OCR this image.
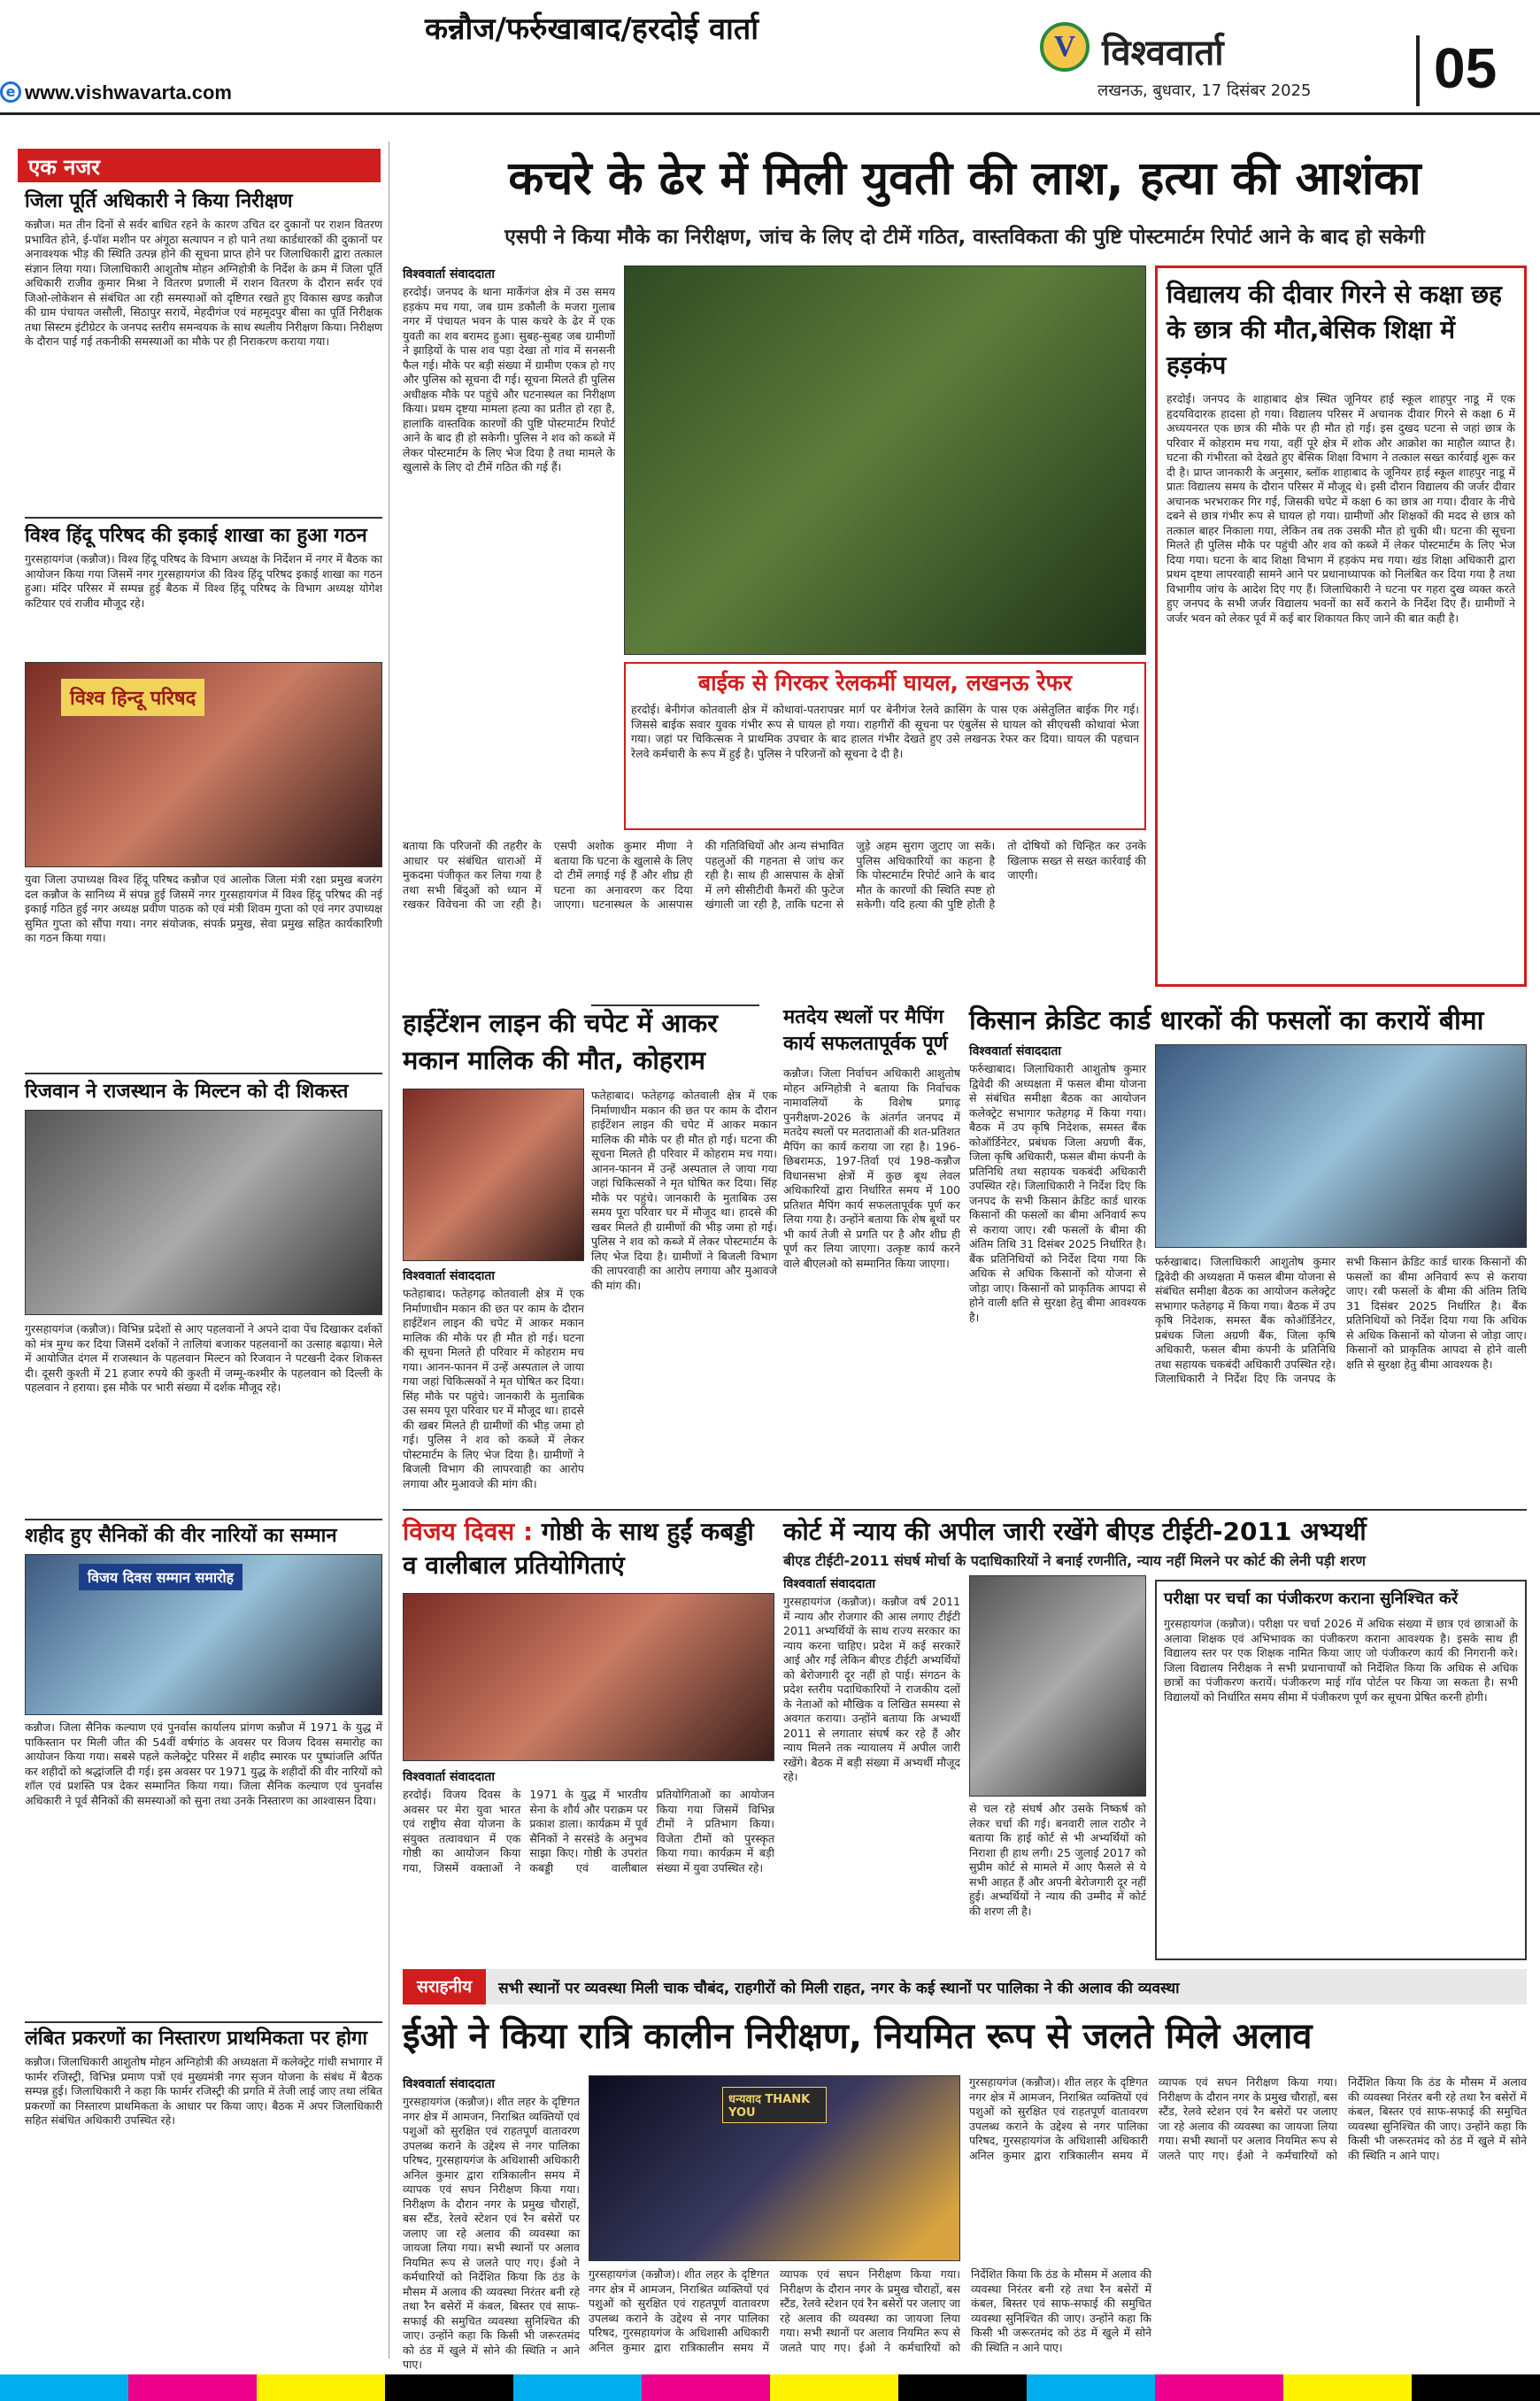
कन्नौज/फर्रुखाबाद/हरदोई वार्ता
e www.vishwavarta.com
V विश्ववार्ता
लखनऊ, बुधवार, 17 दिसंबर 2025 05
एक नजर
जिला पूर्ति अधिकारी ने किया निरीक्षण
कन्नौज। मत तीन दिनों से सर्वर बाधित रहने के कारण उचित दर दुकानों पर राशन वितरण प्रभावित होने, ई-पॉश मशीन पर अंगूठा सत्यापन न हो पाने तथा कार्डधारकों की दुकानों पर अनावश्यक भीड़ की स्थिति उत्पन्न होने की सूचना प्राप्त होने पर जिलाधिकारी द्वारा तत्काल संज्ञान लिया गया। जिलाधिकारी आशुतोष मोहन अग्निहोत्री के निर्देश के क्रम में जिला पूर्ति अधिकारी राजीव कुमार मिश्रा ने वितरण प्रणाली में राशन वितरण के दौरान सर्वर एवं जिओ-लोकेशन से संबंधित आ रही समस्याओं को दृष्टिगत रखते हुए विकास खण्ड कन्नौज की ग्राम पंचायत जसौली, सिठापुर सरायें, मेहदीगंज एवं महमूदपुर बीसा का पूर्ति निरीक्षक तथा सिस्टम इंटीग्रेटर के जनपद स्तरीय समन्वयक के साथ स्थलीय निरीक्षण किया। निरीक्षण के दौरान पाई गई तकनीकी समस्याओं का मौके पर ही निराकरण कराया गया।
विश्व हिंदू परिषद की इकाई शाखा का हुआ गठन
गुरसहायगंज (कन्नौज)। विश्व हिंदू परिषद के विभाग अध्यक्ष के निर्देशन में नगर में बैठक का आयोजन किया गया जिसमें नगर गुरसहायगंज की विश्व हिंदू परिषद इकाई शाखा का गठन हुआ। मंदिर परिसर में सम्पन्न हुई बैठक में विश्व हिंदू परिषद के विभाग अध्यक्ष योगेश कटियार एवं राजीव मौजूद रहे।
विश्व हिन्दू परिषद
युवा जिला उपाध्यक्ष विश्व हिंदू परिषद कन्नौज एवं आलोक जिला मंत्री रक्षा प्रमुख बजरंग दल कन्नौज के सानिध्य में संपन्न हुई जिसमें नगर गुरसहायगंज में विश्व हिंदू परिषद की नई इकाई गठित हुई नगर अध्यक्ष प्रवीण पाठक को एवं मंत्री शिवम गुप्ता को एवं नगर उपाध्यक्ष सुमित गुप्ता को सौंपा गया। नगर संयोजक, संपर्क प्रमुख, सेवा प्रमुख सहित कार्यकारिणी का गठन किया गया।
रिजवान ने राजस्थान के मिल्टन को दी शिकस्त
गुरसहायगंज (कन्नौज)। विभिन्न प्रदेशों से आए पहलवानों ने अपने दावा पेंच दिखाकर दर्शकों को मंत्र मुग्ध कर दिया जिसमें दर्शकों ने तालियां बजाकर पहलवानों का उत्साह बढ़ाया। मेले में आयोजित दंगल में राजस्थान के पहलवान मिल्टन को रिजवान ने पटखनी देकर शिकस्त दी। दूसरी कुश्ती में 21 हजार रुपये की कुश्ती में जम्मू-कश्मीर के पहलवान को दिल्ली के पहलवान ने हराया। इस मौके पर भारी संख्या में दर्शक मौजूद रहे।
शहीद हुए सैनिकों की वीर नारियों का सम्मान
विजय दिवस सम्मान समारोह
कन्नौज। जिला सैनिक कल्याण एवं पुनर्वास कार्यालय प्रांगण कन्नौज में 1971 के युद्ध में पाकिस्तान पर मिली जीत की 54वीं वर्षगांठ के अवसर पर विजय दिवस समारोह का आयोजन किया गया। सबसे पहले कलेक्ट्रेट परिसर में शहीद स्मारक पर पुष्पांजलि अर्पित कर शहीदों को श्रद्धांजलि दी गई। इस अवसर पर 1971 युद्ध के शहीदों की वीर नारियों को शॉल एवं प्रशस्ति पत्र देकर सम्मानित किया गया। जिला सैनिक कल्याण एवं पुनर्वास अधिकारी ने पूर्व सैनिकों की समस्याओं को सुना तथा उनके निस्तारण का आश्वासन दिया।
लंबित प्रकरणों का निस्तारण प्राथमिकता पर होगा
कन्नौज। जिलाधिकारी आशुतोष मोहन अग्निहोत्री की अध्यक्षता में कलेक्ट्रेट गांधी सभागार में फार्मर रजिस्ट्री, विभिन्न प्रमाण पत्रों एवं मुख्यमंत्री नगर सृजन योजना के संबंध में बैठक सम्पन्न हुई। जिलाधिकारी ने कहा कि फार्मर रजिस्ट्री की प्रगति में तेजी लाई जाए तथा लंबित प्रकरणों का निस्तारण प्राथमिकता के आधार पर किया जाए। बैठक में अपर जिलाधिकारी सहित संबंधित अधिकारी उपस्थित रहे।
कचरे के ढेर में मिली युवती की लाश, हत्या की आशंका
एसपी ने किया मौके का निरीक्षण, जांच के लिए दो टीमें गठित, वास्तविकता की पुष्टि पोस्टमार्टम रिपोर्ट आने के बाद हो सकेगी
विश्ववार्ता संवाददाता
हरदोई। जनपद के थाना मार्केगंज क्षेत्र में उस समय हड़कंप मच गया, जब ग्राम डकौली के मजरा गुलाब नगर में पंचायत भवन के पास कचरे के ढेर में एक युवती का शव बरामद हुआ। सुबह-सुबह जब ग्रामीणों ने झाड़ियों के पास शव पड़ा देखा तो गांव में सनसनी फैल गई। मौके पर बड़ी संख्या में ग्रामीण एकत्र हो गए और पुलिस को सूचना दी गई। सूचना मिलते ही पुलिस अधीक्षक मौके पर पहुंचे और घटनास्थल का निरीक्षण किया। प्रथम दृष्टया मामला हत्या का प्रतीत हो रहा है, हालांकि वास्तविक कारणों की पुष्टि पोस्टमार्टम रिपोर्ट आने के बाद ही हो सकेगी। पुलिस ने शव को कब्जे में लेकर पोस्टमार्टम के लिए भेज दिया है तथा मामले के खुलासे के लिए दो टीमें गठित की गई हैं।
बताया कि परिजनों की तहरीर के आधार पर संबंधित धाराओं में मुकदमा पंजीकृत कर लिया गया है तथा सभी बिंदुओं को ध्यान में रखकर विवेचना की जा रही है। एसपी अशोक कुमार मीणा ने बताया कि घटना के खुलासे के लिए दो टीमें लगाई गई हैं और शीघ्र ही घटना का अनावरण कर दिया जाएगा। घटनास्थल के आसपास की गतिविधियों और अन्य संभावित पहलुओं की गहनता से जांच कर रही है। साथ ही आसपास के क्षेत्रों में लगे सीसीटीवी कैमरों की फुटेज खंगाली जा रही है, ताकि घटना से जुड़े अहम सुराग जुटाए जा सकें। पुलिस अधिकारियों का कहना है कि पोस्टमार्टम रिपोर्ट आने के बाद मौत के कारणों की स्थिति स्पष्ट हो सकेगी। यदि हत्या की पुष्टि होती है तो दोषियों को चिन्हित कर उनके खिलाफ सख्त से सख्त कार्रवाई की जाएगी।
बाईक से गिरकर रेलकर्मी घायल, लखनऊ रेफर
हरदोई। बेनीगंज कोतवाली क्षेत्र में कोथावां-पतरापन्नर मार्ग पर बेनीगंज रेलवे क्रासिंग के पास एक अंसेतुलित बाईक गिर गई। जिससे बाईक सवार युवक गंभीर रूप से घायल हो गया। राहगीरों की सूचना पर एंबुलेंस से घायल को सीएचसी कोथावां भेजा गया। जहां पर चिकित्सक ने प्राथमिक उपचार के बाद हालत गंभीर देखते हुए उसे लखनऊ रेफर कर दिया। घायल की पहचान रेलवे कर्मचारी के रूप में हुई है। पुलिस ने परिजनों को सूचना दे दी है।
विद्यालय की दीवार गिरने से कक्षा छह के छात्र की मौत,बेसिक शिक्षा में हड़कंप
हरदोई। जनपद के शाहाबाद क्षेत्र स्थित जूनियर हाई स्कूल शाहपुर नाडू में एक हृदयविदारक हादसा हो गया। विद्यालय परिसर में अचानक दीवार गिरने से कक्षा 6 में अध्ययनरत एक छात्र की मौके पर ही मौत हो गई। इस दुखद घटना से जहां छात्र के परिवार में कोहराम मच गया, वहीं पूरे क्षेत्र में शोक और आक्रोश का माहौल व्याप्त है। घटना की गंभीरता को देखते हुए बेसिक शिक्षा विभाग ने तत्काल सख्त कार्रवाई शुरू कर दी है। प्राप्त जानकारी के अनुसार, ब्लॉक शाहाबाद के जूनियर हाई स्कूल शाहपुर नाडू में प्रातः विद्यालय समय के दौरान परिसर में मौजूद थे। इसी दौरान विद्यालय की जर्जर दीवार अचानक भरभराकर गिर गई, जिसकी चपेट में कक्षा 6 का छात्र आ गया। दीवार के नीचे दबने से छात्र गंभीर रूप से घायल हो गया। ग्रामीणों और शिक्षकों की मदद से छात्र को तत्काल बाहर निकाला गया, लेकिन तब तक उसकी मौत हो चुकी थी। घटना की सूचना मिलते ही पुलिस मौके पर पहुंची और शव को कब्जे में लेकर पोस्टमार्टम के लिए भेज दिया गया। घटना के बाद शिक्षा विभाग में हड़कंप मच गया। खंड शिक्षा अधिकारी द्वारा प्रथम दृष्टया लापरवाही सामने आने पर प्रधानाध्यापक को निलंबित कर दिया गया है तथा विभागीय जांच के आदेश दिए गए हैं। जिलाधिकारी ने घटना पर गहरा दुख व्यक्त करते हुए जनपद के सभी जर्जर विद्यालय भवनों का सर्वे कराने के निर्देश दिए हैं। ग्रामीणों ने जर्जर भवन को लेकर पूर्व में कई बार शिकायत किए जाने की बात कही है।
हाईटेंशन लाइन की चपेट में आकर मकान मालिक की मौत, कोहराम
विश्ववार्ता संवाददाता
फतेहाबाद। फतेहगढ़ कोतवाली क्षेत्र में एक निर्माणाधीन मकान की छत पर काम के दौरान हाईटेंशन लाइन की चपेट में आकर मकान मालिक की मौके पर ही मौत हो गई। घटना की सूचना मिलते ही परिवार में कोहराम मच गया। आनन-फानन में उन्हें अस्पताल ले जाया गया जहां चिकित्सकों ने मृत घोषित कर दिया। सिंह मौके पर पहुंचे। जानकारी के मुताबिक उस समय पूरा परिवार घर में मौजूद था। हादसे की खबर मिलते ही ग्रामीणों की भीड़ जमा हो गई। पुलिस ने शव को कब्जे में लेकर पोस्टमार्टम के लिए भेज दिया है। ग्रामीणों ने बिजली विभाग की लापरवाही का आरोप लगाया और मुआवजे की मांग की।
फतेहाबाद। फतेहगढ़ कोतवाली क्षेत्र में एक निर्माणाधीन मकान की छत पर काम के दौरान हाईटेंशन लाइन की चपेट में आकर मकान मालिक की मौके पर ही मौत हो गई। घटना की सूचना मिलते ही परिवार में कोहराम मच गया। आनन-फानन में उन्हें अस्पताल ले जाया गया जहां चिकित्सकों ने मृत घोषित कर दिया। सिंह मौके पर पहुंचे। जानकारी के मुताबिक उस समय पूरा परिवार घर में मौजूद था। हादसे की खबर मिलते ही ग्रामीणों की भीड़ जमा हो गई। पुलिस ने शव को कब्जे में लेकर पोस्टमार्टम के लिए भेज दिया है। ग्रामीणों ने बिजली विभाग की लापरवाही का आरोप लगाया और मुआवजे की मांग की।
मतदेय स्थलों पर मैपिंग कार्य सफलतापूर्वक पूर्ण
कन्नौज। जिला निर्वाचन अधिकारी आशुतोष मोहन अग्निहोत्री ने बताया कि निर्वाचक नामावलियों के विशेष प्रगाढ़ पुनरीक्षण-2026 के अंतर्गत जनपद में मतदेय स्थलों पर मतदाताओं की शत-प्रतिशत मैपिंग का कार्य कराया जा रहा है। 196-छिबरामऊ, 197-तिर्वा एवं 198-कन्नौज विधानसभा क्षेत्रों में कुछ बूथ लेवल अधिकारियों द्वारा निर्धारित समय में 100 प्रतिशत मैपिंग कार्य सफलतापूर्वक पूर्ण कर लिया गया है। उन्होंने बताया कि शेष बूथों पर भी कार्य तेजी से प्रगति पर है और शीघ्र ही पूर्ण कर लिया जाएगा। उत्कृष्ट कार्य करने वाले बीएलओ को सम्मानित किया जाएगा।
किसान क्रेडिट कार्ड धारकों की फसलों का करायें बीमा
विश्ववार्ता संवाददाता
फर्रुखाबाद। जिलाधिकारी आशुतोष कुमार द्विवेदी की अध्यक्षता में फसल बीमा योजना से संबंधित समीक्षा बैठक का आयोजन कलेक्ट्रेट सभागार फतेहगढ़ में किया गया। बैठक में उप कृषि निदेशक, समस्त बैंक कोऑर्डिनेटर, प्रबंधक जिला अग्रणी बैंक, जिला कृषि अधिकारी, फसल बीमा कंपनी के प्रतिनिधि तथा सहायक चकबंदी अधिकारी उपस्थित रहे। जिलाधिकारी ने निर्देश दिए कि जनपद के सभी किसान क्रेडिट कार्ड धारक किसानों की फसलों का बीमा अनिवार्य रूप से कराया जाए। रबी फसलों के बीमा की अंतिम तिथि 31 दिसंबर 2025 निर्धारित है। बैंक प्रतिनिधियों को निर्देश दिया गया कि अधिक से अधिक किसानों को योजना से जोड़ा जाए। किसानों को प्राकृतिक आपदा से होने वाली क्षति से सुरक्षा हेतु बीमा आवश्यक है।
फर्रुखाबाद। जिलाधिकारी आशुतोष कुमार द्विवेदी की अध्यक्षता में फसल बीमा योजना से संबंधित समीक्षा बैठक का आयोजन कलेक्ट्रेट सभागार फतेहगढ़ में किया गया। बैठक में उप कृषि निदेशक, समस्त बैंक कोऑर्डिनेटर, प्रबंधक जिला अग्रणी बैंक, जिला कृषि अधिकारी, फसल बीमा कंपनी के प्रतिनिधि तथा सहायक चकबंदी अधिकारी उपस्थित रहे। जिलाधिकारी ने निर्देश दिए कि जनपद के सभी किसान क्रेडिट कार्ड धारक किसानों की फसलों का बीमा अनिवार्य रूप से कराया जाए। रबी फसलों के बीमा की अंतिम तिथि 31 दिसंबर 2025 निर्धारित है। बैंक प्रतिनिधियों को निर्देश दिया गया कि अधिक से अधिक किसानों को योजना से जोड़ा जाए। किसानों को प्राकृतिक आपदा से होने वाली क्षति से सुरक्षा हेतु बीमा आवश्यक है।
विजय दिवस : गोष्ठी के साथ हुईं कबड्डी व वालीबाल प्रतियोगिताएं
विश्ववार्ता संवाददाता
हरदोई। विजय दिवस के अवसर पर मेरा युवा भारत एवं राष्ट्रीय सेवा योजना के संयुक्त तत्वावधान में एक गोष्ठी का आयोजन किया गया, जिसमें वक्ताओं ने 1971 के युद्ध में भारतीय सेना के शौर्य और पराक्रम पर प्रकाश डाला। कार्यक्रम में पूर्व सैनिकों ने सरसंडे के अनुभव साझा किए। गोष्ठी के उपरांत कबड्डी एवं वालीबाल प्रतियोगिताओं का आयोजन किया गया जिसमें विभिन्न टीमों ने प्रतिभाग किया। विजेता टीमों को पुरस्कृत किया गया। कार्यक्रम में बड़ी संख्या में युवा उपस्थित रहे।
कोर्ट में न्याय की अपील जारी रखेंगे बीएड टीईटी-2011 अभ्यर्थी
बीएड टीईटी-2011 संघर्ष मोर्चा के पदाधिकारियों ने बनाई रणनीति, न्याय नहीं मिलने पर कोर्ट की लेनी पड़ी शरण
विश्ववार्ता संवाददाता
गुरसहायगंज (कन्नौज)। कन्नौज वर्ष 2011 में न्याय और रोजगार की आस लगाए टीईटी 2011 अभ्यर्थियों के साथ राज्य सरकार का न्याय करना चाहिए। प्रदेश में कई सरकारें आई और गईं लेकिन बीएड टीईटी अभ्यर्थियों को बेरोजगारी दूर नहीं हो पाई। संगठन के प्रदेश स्तरीय पदाधिकारियों ने राजकीय दलों के नेताओं को मौखिक व लिखित समस्या से अवगत कराया। उन्होंने बताया कि अभ्यर्थी 2011 से लगातार संघर्ष कर रहे हैं और न्याय मिलने तक न्यायालय में अपील जारी रखेंगे। बैठक में बड़ी संख्या में अभ्यर्थी मौजूद रहे।
से चल रहे संघर्ष और उसके निष्कर्ष को लेकर चर्चा की गई। बनवारी लाल राठौर ने बताया कि हाई कोर्ट से भी अभ्यर्थियों को निराशा ही हाथ लगी। 25 जुलाई 2017 को सुप्रीम कोर्ट से मामले में आए फैसले से ये सभी आहत हैं और अपनी बेरोजगारी दूर नहीं हुई। अभ्यर्थियों ने न्याय की उम्मीद में कोर्ट की शरण ली है।
परीक्षा पर चर्चा का पंजीकरण कराना सुनिश्चित करें
गुरसहायगंज (कन्नौज)। परीक्षा पर चर्चा 2026 में अधिक संख्या में छात्र एवं छात्राओं के अलावा शिक्षक एवं अभिभावक का पंजीकरण कराना आवश्यक है। इसके साथ ही विद्यालय स्तर पर एक शिक्षक नामित किया जाए जो पंजीकरण कार्य की निगरानी करे। जिला विद्यालय निरीक्षक ने सभी प्रधानाचार्यों को निर्देशित किया कि अधिक से अधिक छात्रों का पंजीकरण करायें। पंजीकरण माई गॉव पोर्टल पर किया जा सकता है। सभी विद्यालयों को निर्धारित समय सीमा में पंजीकरण पूर्ण कर सूचना प्रेषित करनी होगी।
सराहनीय	सभी स्थानों पर व्यवस्था मिली चाक चौबंद, राहगीरों को मिली राहत, नगर के कई स्थानों पर पालिका ने की अलाव की व्यवस्था
ईओ ने किया रात्रि कालीन निरीक्षण, नियमित रूप से जलते मिले अलाव
विश्ववार्ता संवाददाता
गुरसहायगंज (कन्नौज)। शीत लहर के दृष्टिगत नगर क्षेत्र में आमजन, निराश्रित व्यक्तियों एवं पशुओं को सुरक्षित एवं राहतपूर्ण वातावरण उपलब्ध कराने के उद्देश्य से नगर पालिका परिषद, गुरसहायगंज के अधिशासी अधिकारी अनिल कुमार द्वारा रात्रिकालीन समय में व्यापक एवं सघन निरीक्षण किया गया। निरीक्षण के दौरान नगर के प्रमुख चौराहों, बस स्टैंड, रेलवे स्टेशन एवं रैन बसेरों पर जलाए जा रहे अलाव की व्यवस्था का जायजा लिया गया। सभी स्थानों पर अलाव नियमित रूप से जलते पाए गए। ईओ ने कर्मचारियों को निर्देशित किया कि ठंड के मौसम में अलाव की व्यवस्था निरंतर बनी रहे तथा रैन बसेरों में कंबल, बिस्तर एवं साफ-सफाई की समुचित व्यवस्था सुनिश्चित की जाए। उन्होंने कहा कि किसी भी जरूरतमंद को ठंड में खुले में सोने की स्थिति न आने पाए।
धन्यवाद THANK YOU
गुरसहायगंज (कन्नौज)। शीत लहर के दृष्टिगत नगर क्षेत्र में आमजन, निराश्रित व्यक्तियों एवं पशुओं को सुरक्षित एवं राहतपूर्ण वातावरण उपलब्ध कराने के उद्देश्य से नगर पालिका परिषद, गुरसहायगंज के अधिशासी अधिकारी अनिल कुमार द्वारा रात्रिकालीन समय में व्यापक एवं सघन निरीक्षण किया गया। निरीक्षण के दौरान नगर के प्रमुख चौराहों, बस स्टैंड, रेलवे स्टेशन एवं रैन बसेरों पर जलाए जा रहे अलाव की व्यवस्था का जायजा लिया गया। सभी स्थानों पर अलाव नियमित रूप से जलते पाए गए। ईओ ने कर्मचारियों को निर्देशित किया कि ठंड के मौसम में अलाव की व्यवस्था निरंतर बनी रहे तथा रैन बसेरों में कंबल, बिस्तर एवं साफ-सफाई की समुचित व्यवस्था सुनिश्चित की जाए। उन्होंने कहा कि किसी भी जरूरतमंद को ठंड में खुले में सोने की स्थिति न आने पाए।
गुरसहायगंज (कन्नौज)। शीत लहर के दृष्टिगत नगर क्षेत्र में आमजन, निराश्रित व्यक्तियों एवं पशुओं को सुरक्षित एवं राहतपूर्ण वातावरण उपलब्ध कराने के उद्देश्य से नगर पालिका परिषद, गुरसहायगंज के अधिशासी अधिकारी अनिल कुमार द्वारा रात्रिकालीन समय में व्यापक एवं सघन निरीक्षण किया गया। निरीक्षण के दौरान नगर के प्रमुख चौराहों, बस स्टैंड, रेलवे स्टेशन एवं रैन बसेरों पर जलाए जा रहे अलाव की व्यवस्था का जायजा लिया गया। सभी स्थानों पर अलाव नियमित रूप से जलते पाए गए। ईओ ने कर्मचारियों को निर्देशित किया कि ठंड के मौसम में अलाव की व्यवस्था निरंतर बनी रहे तथा रैन बसेरों में कंबल, बिस्तर एवं साफ-सफाई की समुचित व्यवस्था सुनिश्चित की जाए। उन्होंने कहा कि किसी भी जरूरतमंद को ठंड में खुले में सोने की स्थिति न आने पाए।
